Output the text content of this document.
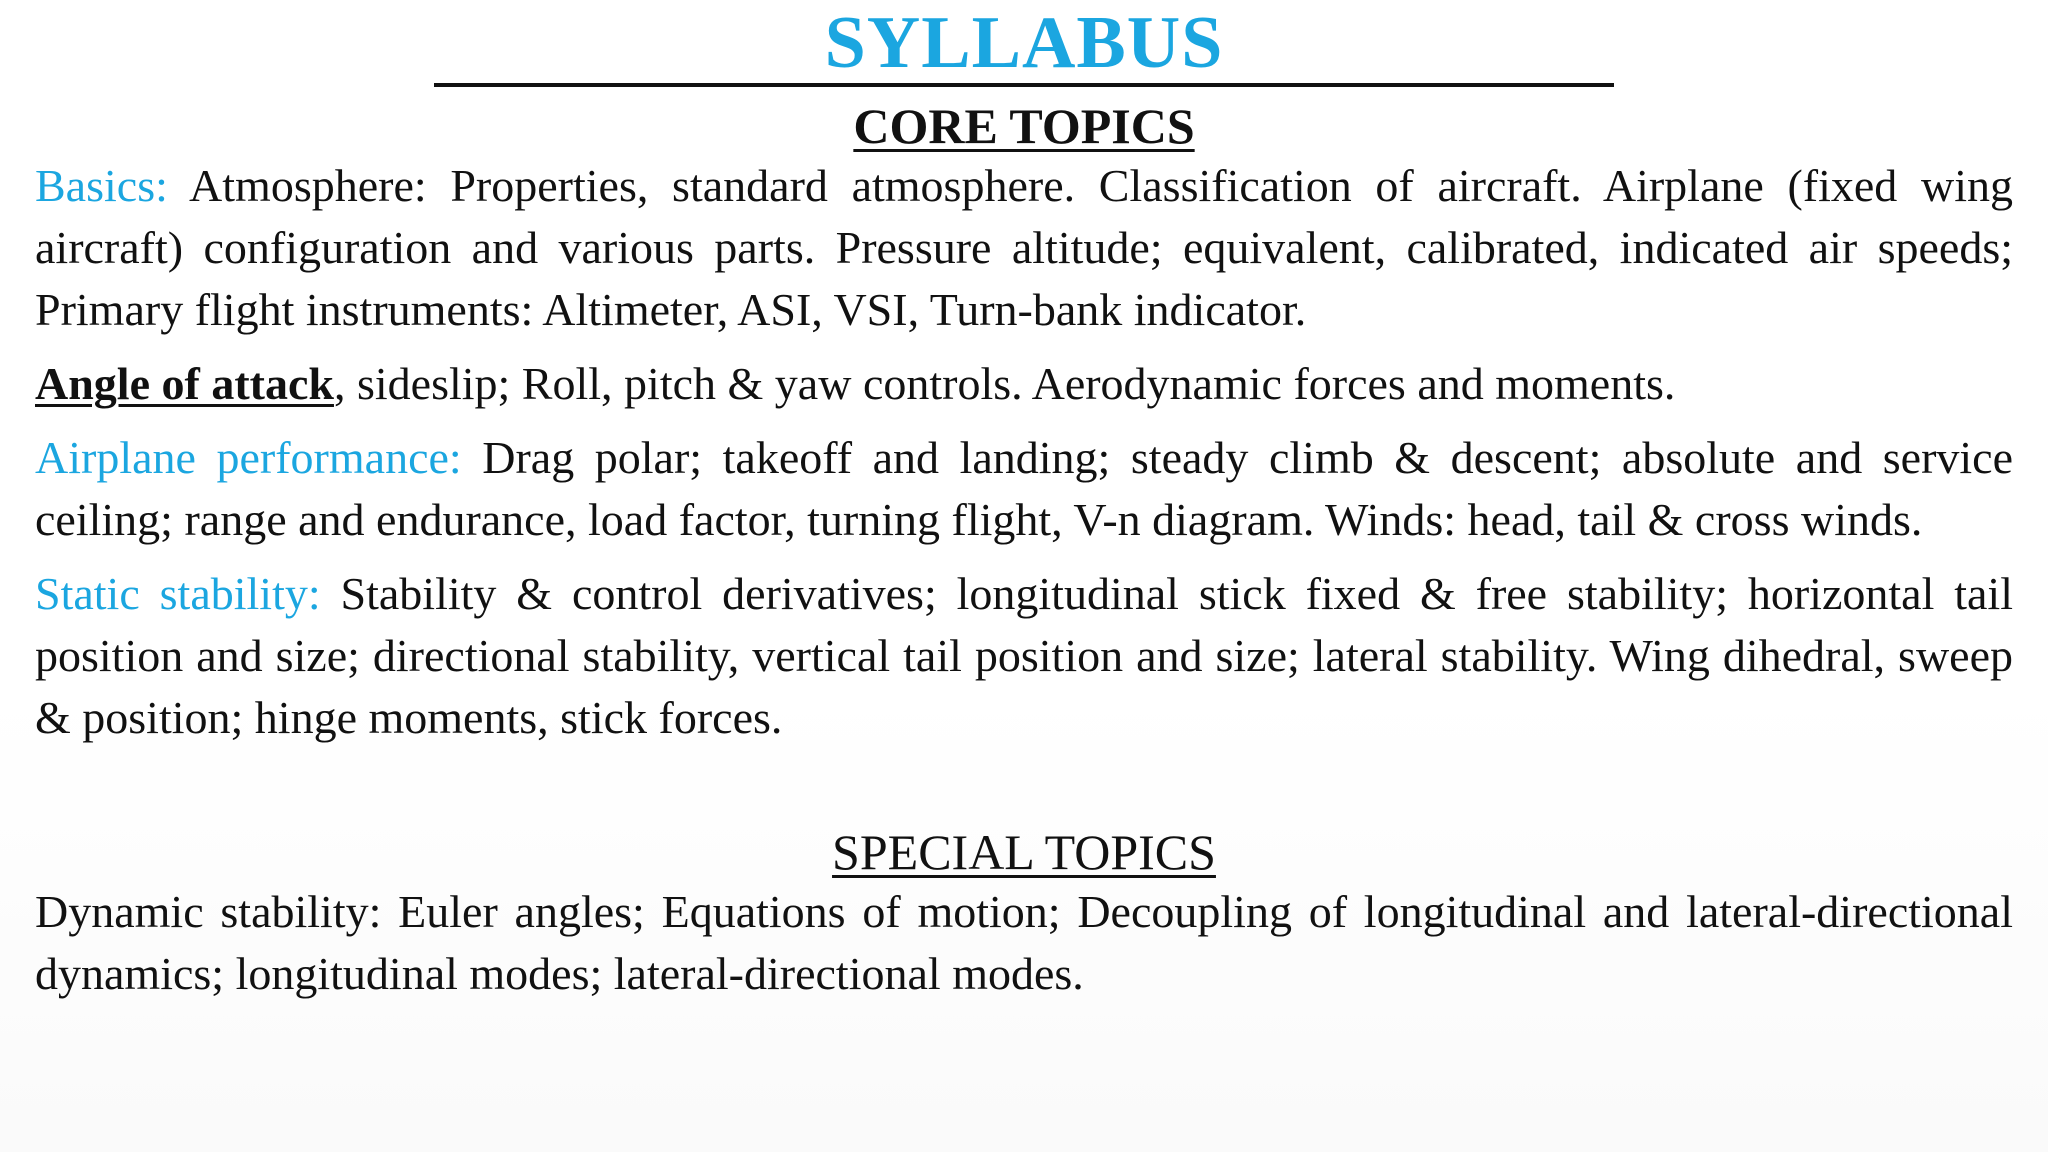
SYLLABUS
CORE TOPICS

Basics: Atmosphere: Properties, standard atmosphere. Classification of aircraft. Airplane (fixed wing aircraft) configuration and various parts. Pressure altitude; equivalent, calibrated, indicated air speeds; Primary flight instruments: Altimeter, ASI, VSI, Turn-bank indicator.

Angle of attack, sideslip; Roll, pitch & yaw controls. Aerodynamic forces and moments.

Airplane performance: Drag polar; takeoff and landing; steady climb & descent; absolute and service ceiling; range and endurance, load factor, turning flight, V-n diagram. Winds: head, tail & cross winds.

Static stability: Stability & control derivatives; longitudinal stick fixed & free stability; horizontal tail position and size; directional stability, vertical tail position and size; lateral stability. Wing dihedral, sweep & position; hinge moments, stick forces.

SPECIAL TOPICS

Dynamic stability: Euler angles; Equations of motion; Decoupling of longitudinal and lateral-directional dynamics; longitudinal modes; lateral-directional modes.
